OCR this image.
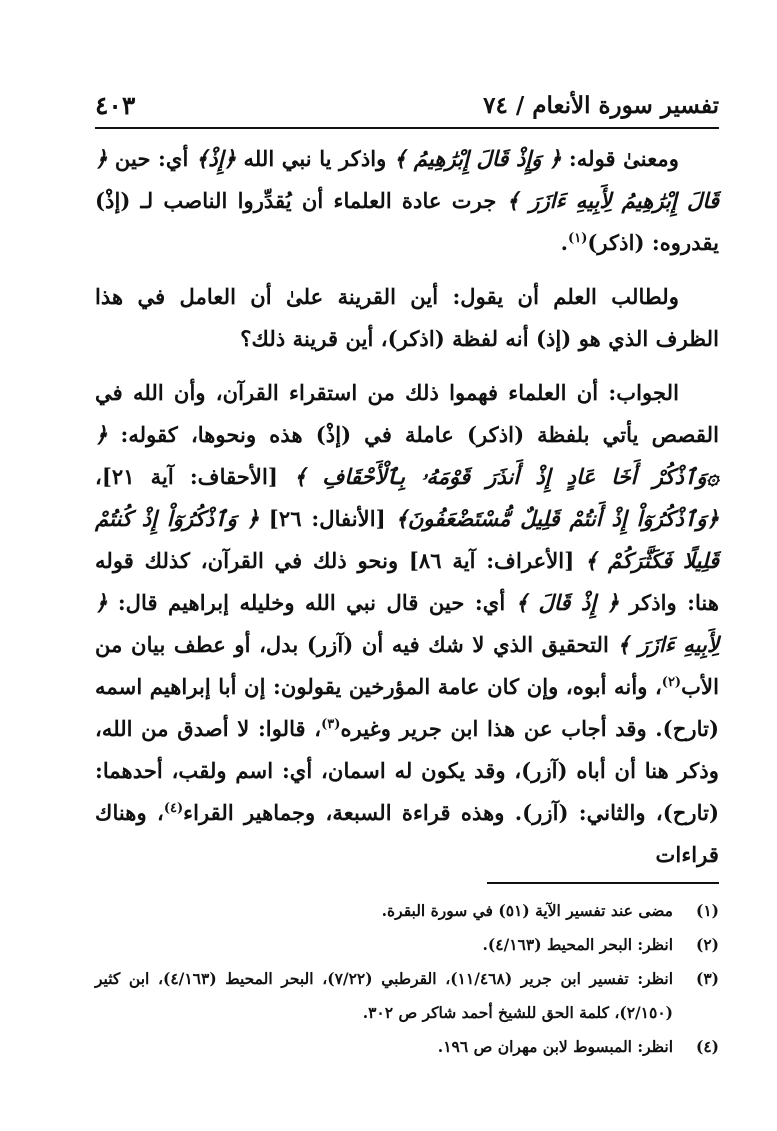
تفسير سورة الأنعام / ٧٤
٤٠٣

ومعنىٰ قوله: ﴿ وَإِذْ قَالَ إِبْرَٰهِيمُ ﴾ واذكر يا نبي الله ﴿إِذْ﴾ أي: حين ﴿ قَالَ إِبْرَٰهِيمُ لِأَبِيهِ ءَازَرَ ﴾ جرت عادة العلماء أن يُقدِّروا الناصب لـ (إذْ) يقدروه: (اذكر)$^{(١)}$.

ولطالب العلم أن يقول: أين القرينة علىٰ أن العامل في هذا الظرف الذي هو (إذ) أنه لفظة (اذكر)، أين قرينة ذلك؟

الجواب: أن العلماء فهموا ذلك من استقراء القرآن، وأن الله في القصص يأتي بلفظة (اذكر) عاملة في (إذْ) هذه ونحوها، كقوله: ﴿ ۞وَٱذْكُرْ أَخَا عَادٍ إِذْ أَنذَرَ قَوْمَهُۥ بِٱلْأَحْقَافِ ﴾ [الأحقاف: آية ٢١]، ﴿وَٱذْكُرُوٓاْ إِذْ أَنتُمْ قَلِيلٌ مُّسْتَضْعَفُونَ﴾ [الأنفال: ٢٦] ﴿ وَٱذْكُرُوٓاْ إِذْ كُنتُمْ قَلِيلًا فَكَثَّرَكُمْ ﴾ [الأعراف: آية ٨٦] ونحو ذلك في القرآن، كذلك قوله هنا: واذكر ﴿ إِذْ قَالَ ﴾ أي: حين قال نبي الله وخليله إبراهيم قال: ﴿ لِأَبِيهِ ءَازَرَ ﴾ التحقيق الذي لا شك فيه أن (آزر) بدل، أو عطف بيان من الأب$^{(٢)}$، وأنه أبوه، وإن كان عامة المؤرخين يقولون: إن أبا إبراهيم اسمه (تارح). وقد أجاب عن هذا ابن جرير وغيره$^{(٣)}$، قالوا: لا أصدق من الله، وذكر هنا أن أباه (آزر)، وقد يكون له اسمان، أي: اسم ولقب، أحدهما: (تارح)، والثاني: (آزر). وهذه قراءة السبعة، وجماهير القراء$^{(٤)}$، وهناك قراءات

(١)
مضى عند تفسير الآية (٥١) في سورة البقرة.
(٢)
انظر: البحر المحيط (٤/١٦٣).
(٣)
انظر: تفسير ابن جرير (١١/٤٦٨)، القرطبي (٧/٢٢)، البحر المحيط (٤/١٦٣)، ابن كثير (٢/١٥٠)، كلمة الحق للشيخ أحمد شاكر ص ٣٠٢.
(٤)
انظر: المبسوط لابن مهران ص ١٩٦.
